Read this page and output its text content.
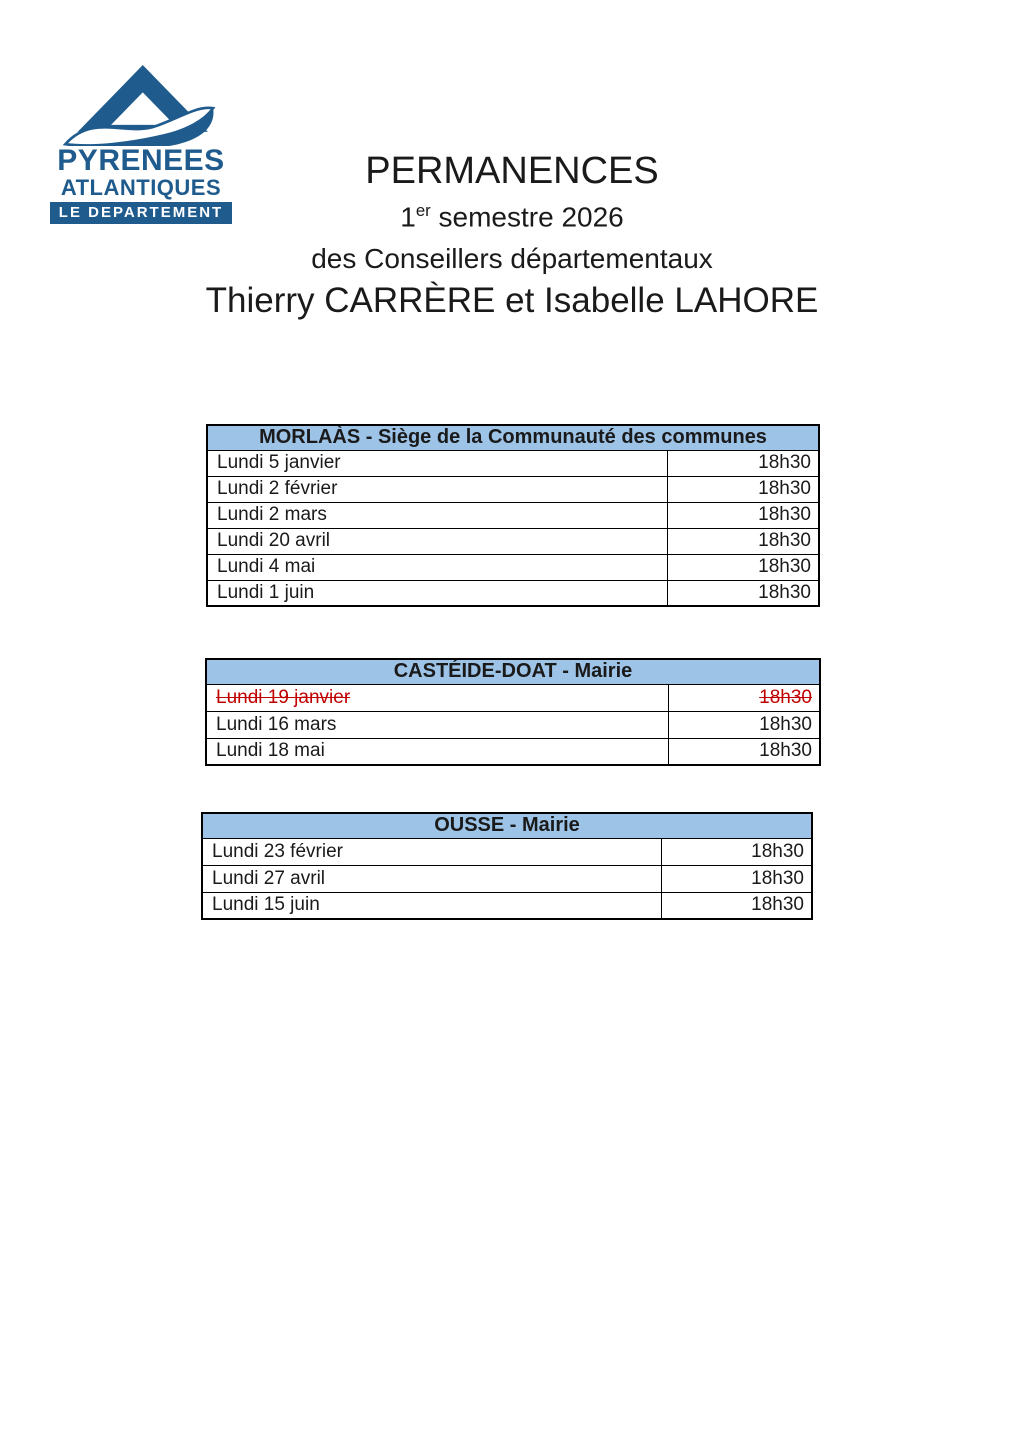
PYRENEES
ATLANTIQUES
LE DEPARTEMENT
PERMANENCES
1er semestre 2026
des Conseillers départementaux
Thierry CARRÈRE et Isabelle LAHORE
MORLAÀS - Siège de la Communauté des communes	
Lundi 5 janvier	18h30
Lundi 2 février	18h30
Lundi 2 mars	18h30
Lundi 20 avril	18h30
Lundi 4 mai	18h30
Lundi 1 juin	18h30
CASTÉIDE-DOAT - Mairie	
Lundi 19 janvier	18h30
Lundi 16 mars	18h30
Lundi 18 mai	18h30
OUSSE - Mairie	
Lundi 23 février	18h30
Lundi 27 avril	18h30
Lundi 15 juin	18h30
